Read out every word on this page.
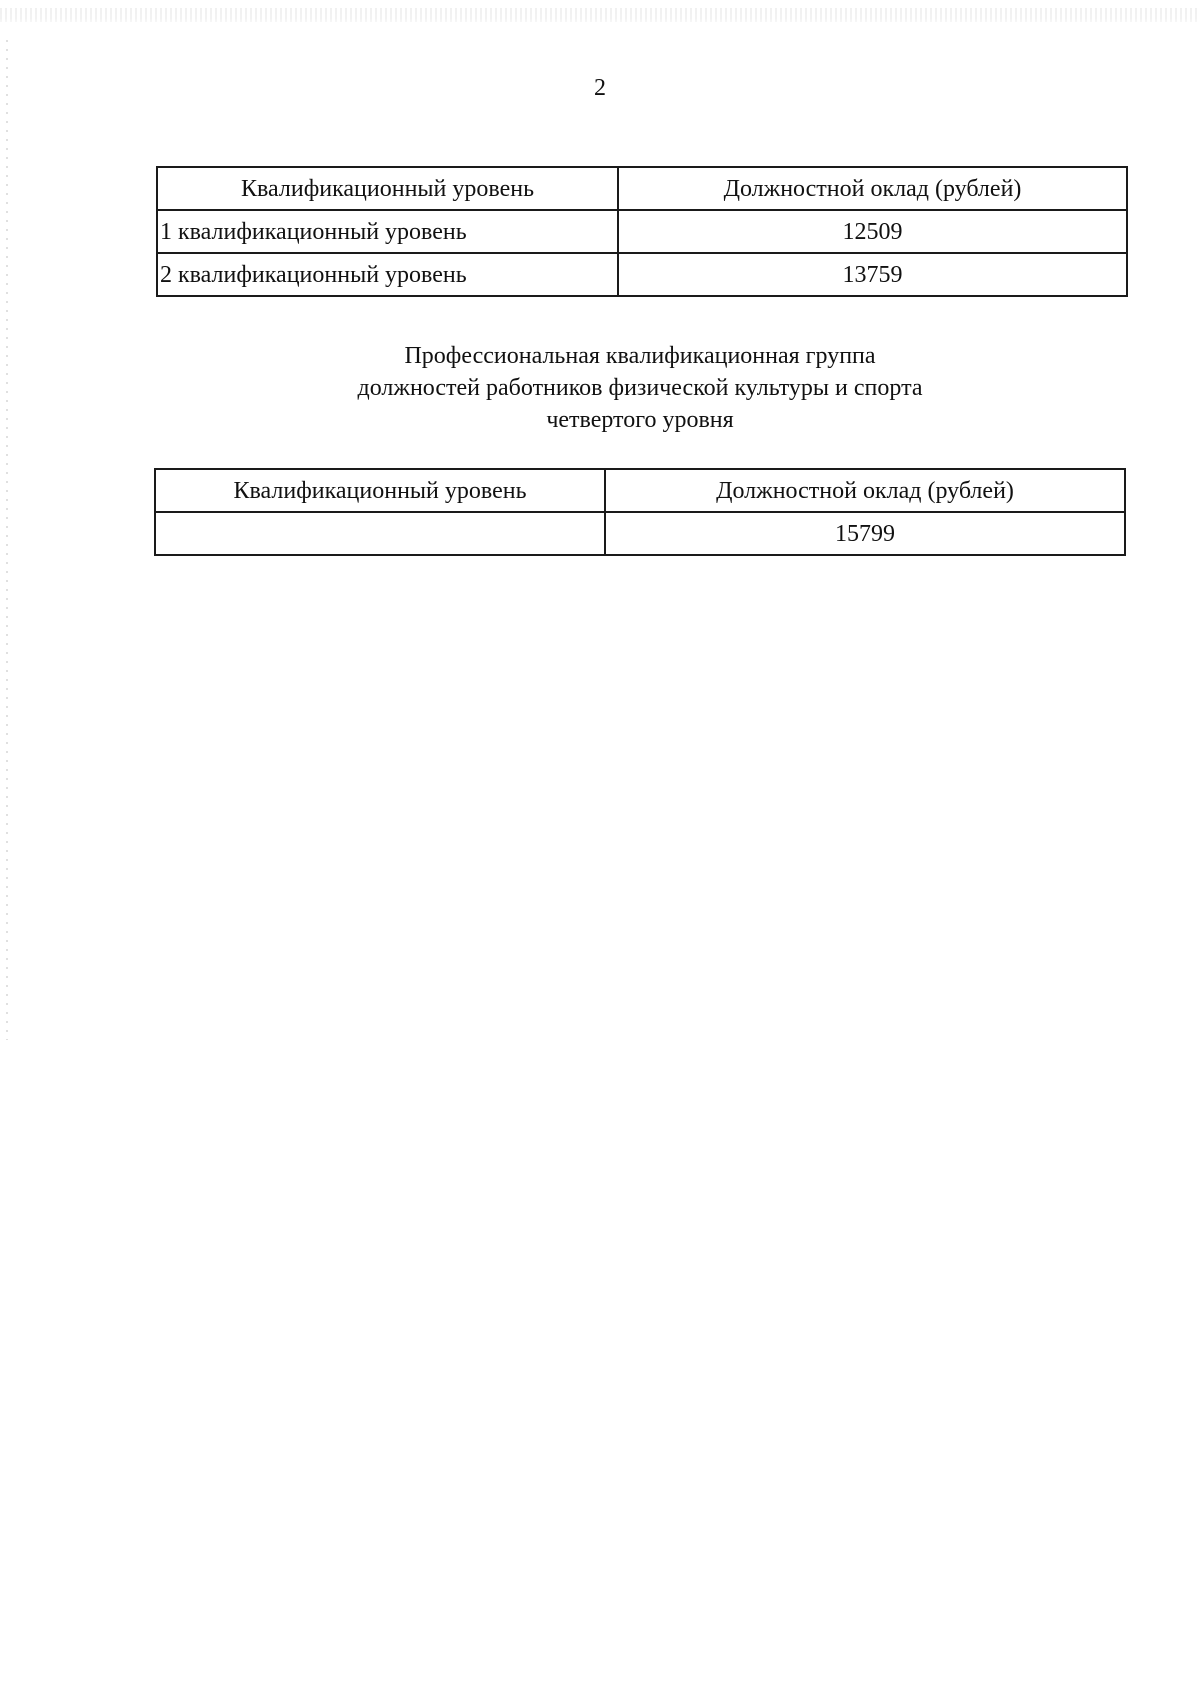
2
Квалификационный уровень	Должностной оклад (рублей)
1 квалификационный уровень	12509
2 квалификационный уровень	13759
Профессиональная квалификационная группа
должностей работников физической культуры и спорта
четвертого уровня
Квалификационный уровень	Должностной оклад (рублей)
	15799
